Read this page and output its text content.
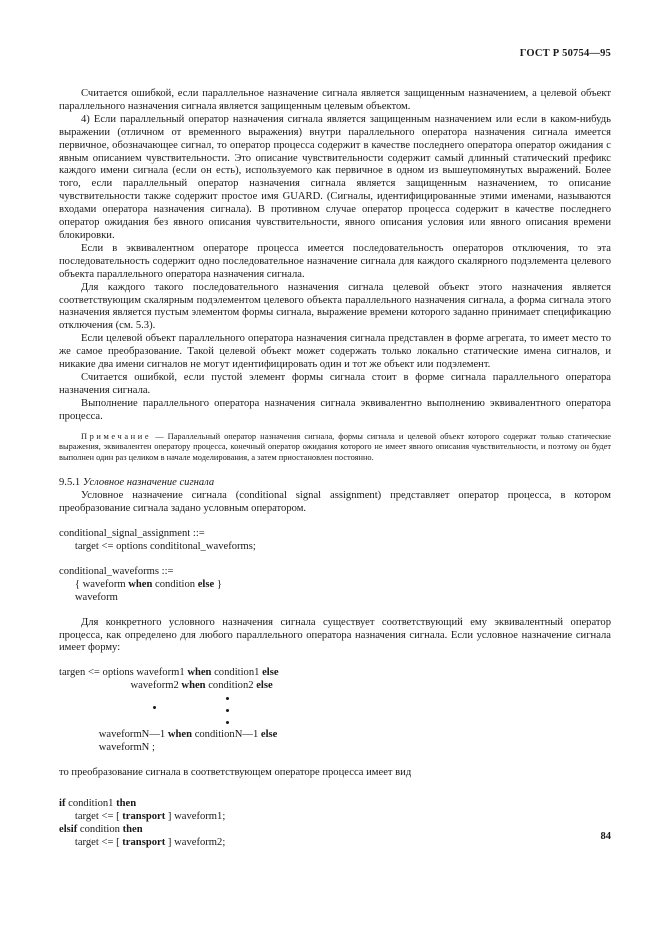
ГОСТ Р 50754—95

Считается ошибкой, если параллельное назначение сигнала является защищенным назначением, а целевой объект параллельного назначения сигнала является защищенным целевым объектом.

4) Если параллельный оператор назначения сигнала является защищенным назначением или если в каком-нибудь выражении (отличном от временного выражения) внутри параллельного оператора назначения сигнала имеется первичное, обозначающее сигнал, то оператор процесса содержит в качестве последнего оператора оператор ожидания с явным описанием чувствительности. Это описание чувствительности содержит самый длинный статический префикс каждого имени сигнала (если он есть), используемого как первичное в одном из вышеупомянутых выражений. Более того, если параллельный оператор назначения сигнала является защищенным назначением, то описание чувствительности также содержит простое имя GUARD. (Сигналы, идентифицированные этими именами, называются входами оператора назначения сигнала). В противном случае оператор процесса содержит в качестве последнего оператор ожидания без явного описания чувствительности, явного описания условия или явного описания времени блокировки.

Если в эквивалентном операторе процесса имеется последовательность операторов отключения, то эта последовательность содержит одно последовательное назначение сигнала для каждого скалярного подэлемента целевого объекта параллельного оператора назначения сигнала.

Для каждого такого последовательного назначения сигнала целевой объект этого назначения является соответствующим скалярным подэлементом целевого объекта параллельного назначения сигнала, а форма сигнала этого назначения является пустым элементом формы сигнала, выражение времени которого заданно принимает спецификацию отключения (см. 5.3).

Если целевой объект параллельного оператора назначения сигнала представлен в форме агрегата, то имеет место то же самое преобразование. Такой целевой объект может содержать только локально статические имена сигналов, и никакие два имени сигналов не могут идентифицировать один и тот же объект или подэлемент.

Считается ошибкой, если пустой элемент формы сигнала стоит в форме сигнала параллельного оператора назначения сигнала.

Выполнение параллельного оператора назначения сигнала эквивалентно выполнению эквивалентного оператора процесса.

Примечание — Параллельный оператор назначения сигнала, формы сигнала и целевой объект которого содержат только статические выражения, эквивалентен оператору процесса, конечный оператор ожидания которого не имеет явного описания чувствительности, и поэтому он будет выполнен один раз целиком в начале моделирования, а затем приостановлен постоянно.

9.5.1 Условное назначение сигнала

Условное назначение сигнала (conditional signal assignment) представляет оператор процесса, в котором преобразование сигнала задано условным оператором.

conditional_signal_assignment ::=
target <= options condititonal_waveforms;
conditional_waveforms ::=
{ waveform when condition else }
waveform

Для конкретного условного назначения сигнала существует соответствующий ему эквивалентный оператор процесса, как определено для любого параллельного оператора назначения сигнала. Если условное назначение сигнала имеет форму:

targen <= options waveform1 when condition1 else
waveform2 when condition2 else
waveformN—1 when conditionN—1 else
waveformN ;

то преобразование сигнала в соответствующем операторе процесса имеет вид

if condition1 then
target <= [ transport ] waveform1;
elsif condition then
target <= [ transport ] waveform2;
84
